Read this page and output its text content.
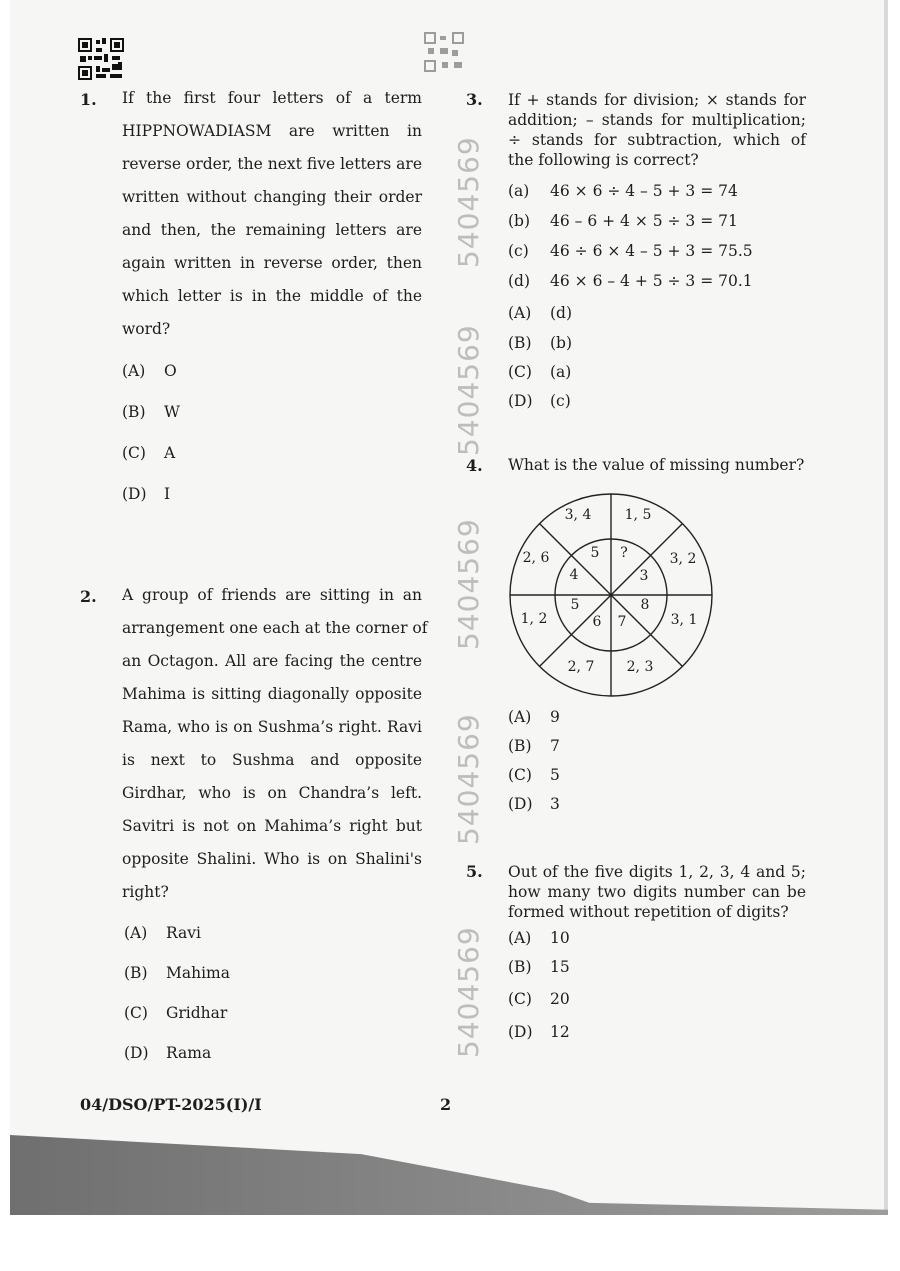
5404569
5404569
5404569
5404569
5404569
1. If the first four letters of a term
HIPPNOWADIASM are written in
reverse order, the next five letters are
written without changing their order
and then, the remaining letters are
again written in reverse order, then
which letter is in the middle of the
word?
(A) O
(B) W
(C) A
(D) I
2. A group of friends are sitting in an
arrangement one each at the corner of
an Octagon. All are facing the centre
Mahima is sitting diagonally opposite
Rama, who is on Sushma’s right. Ravi
is next to Sushma and opposite
Girdhar, who is on Chandra’s left.
Savitri is not on Mahima’s right but
opposite Shalini. Who is on Shalini's
right?
(A) Ravi
(B) Mahima
(C) Gridhar
(D) Rama
3. If + stands for division; × stands for addition; – stands for multiplication; ÷ stands for subtraction, which of the following is correct?
(a) 46 × 6 ÷ 4 – 5 + 3 = 74
(b) 46 – 6 + 4 × 5 ÷ 3 = 71
(c) 46 ÷ 6 × 4 – 5 + 3 = 75.5
(d) 46 × 6 – 4 + 5 ÷ 3 = 70.1
(A) (d)
(B) (b)
(C) (a)
(D) (c)
4. What is the value of missing number?
3, 4 1, 5
3, 2
3, 1
2, 3
2, 7
1, 2
2, 6	5 ?
3
8
7
6
5
4
(A) 9
(B) 7
(C) 5
(D) 3
5. Out of the five digits 1, 2, 3, 4 and 5; how many two digits number can be formed without repetition of digits?
(A) 10
(B) 15
(C) 20
(D) 12
04/DSO/PT-2025(I)/I	2
